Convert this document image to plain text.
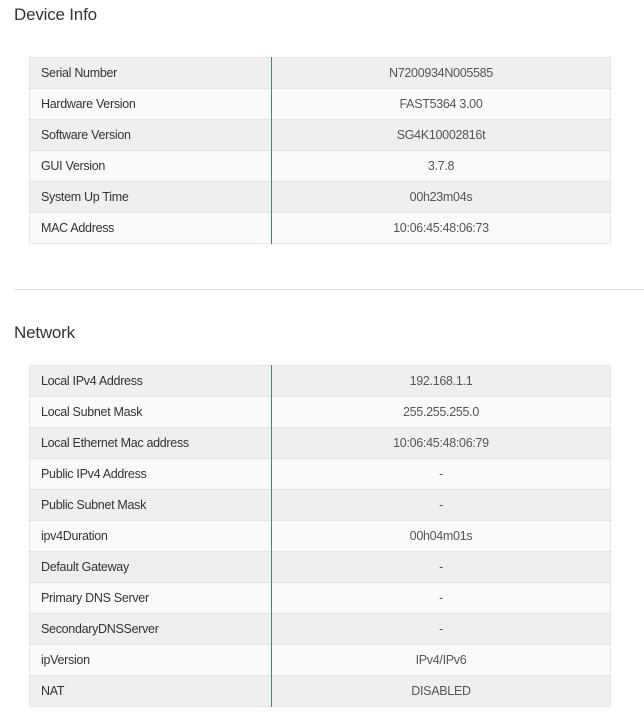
Device Info
Serial Number	N7200934N005585
Hardware Version	FAST5364 3.00
Software Version	SG4K10002816t
GUI Version	3.7.8
System Up Time	00h23m04s
MAC Address	10:06:45:48:06:73
Network
Local IPv4 Address	192.168.1.1
Local Subnet Mask	255.255.255.0
Local Ethernet Mac address	10:06:45:48:06:79
Public IPv4 Address	-
Public Subnet Mask	-
ipv4Duration	00h04m01s
Default Gateway	-
Primary DNS Server	-
SecondaryDNSServer	-
ipVersion	IPv4/IPv6
NAT	DISABLED
